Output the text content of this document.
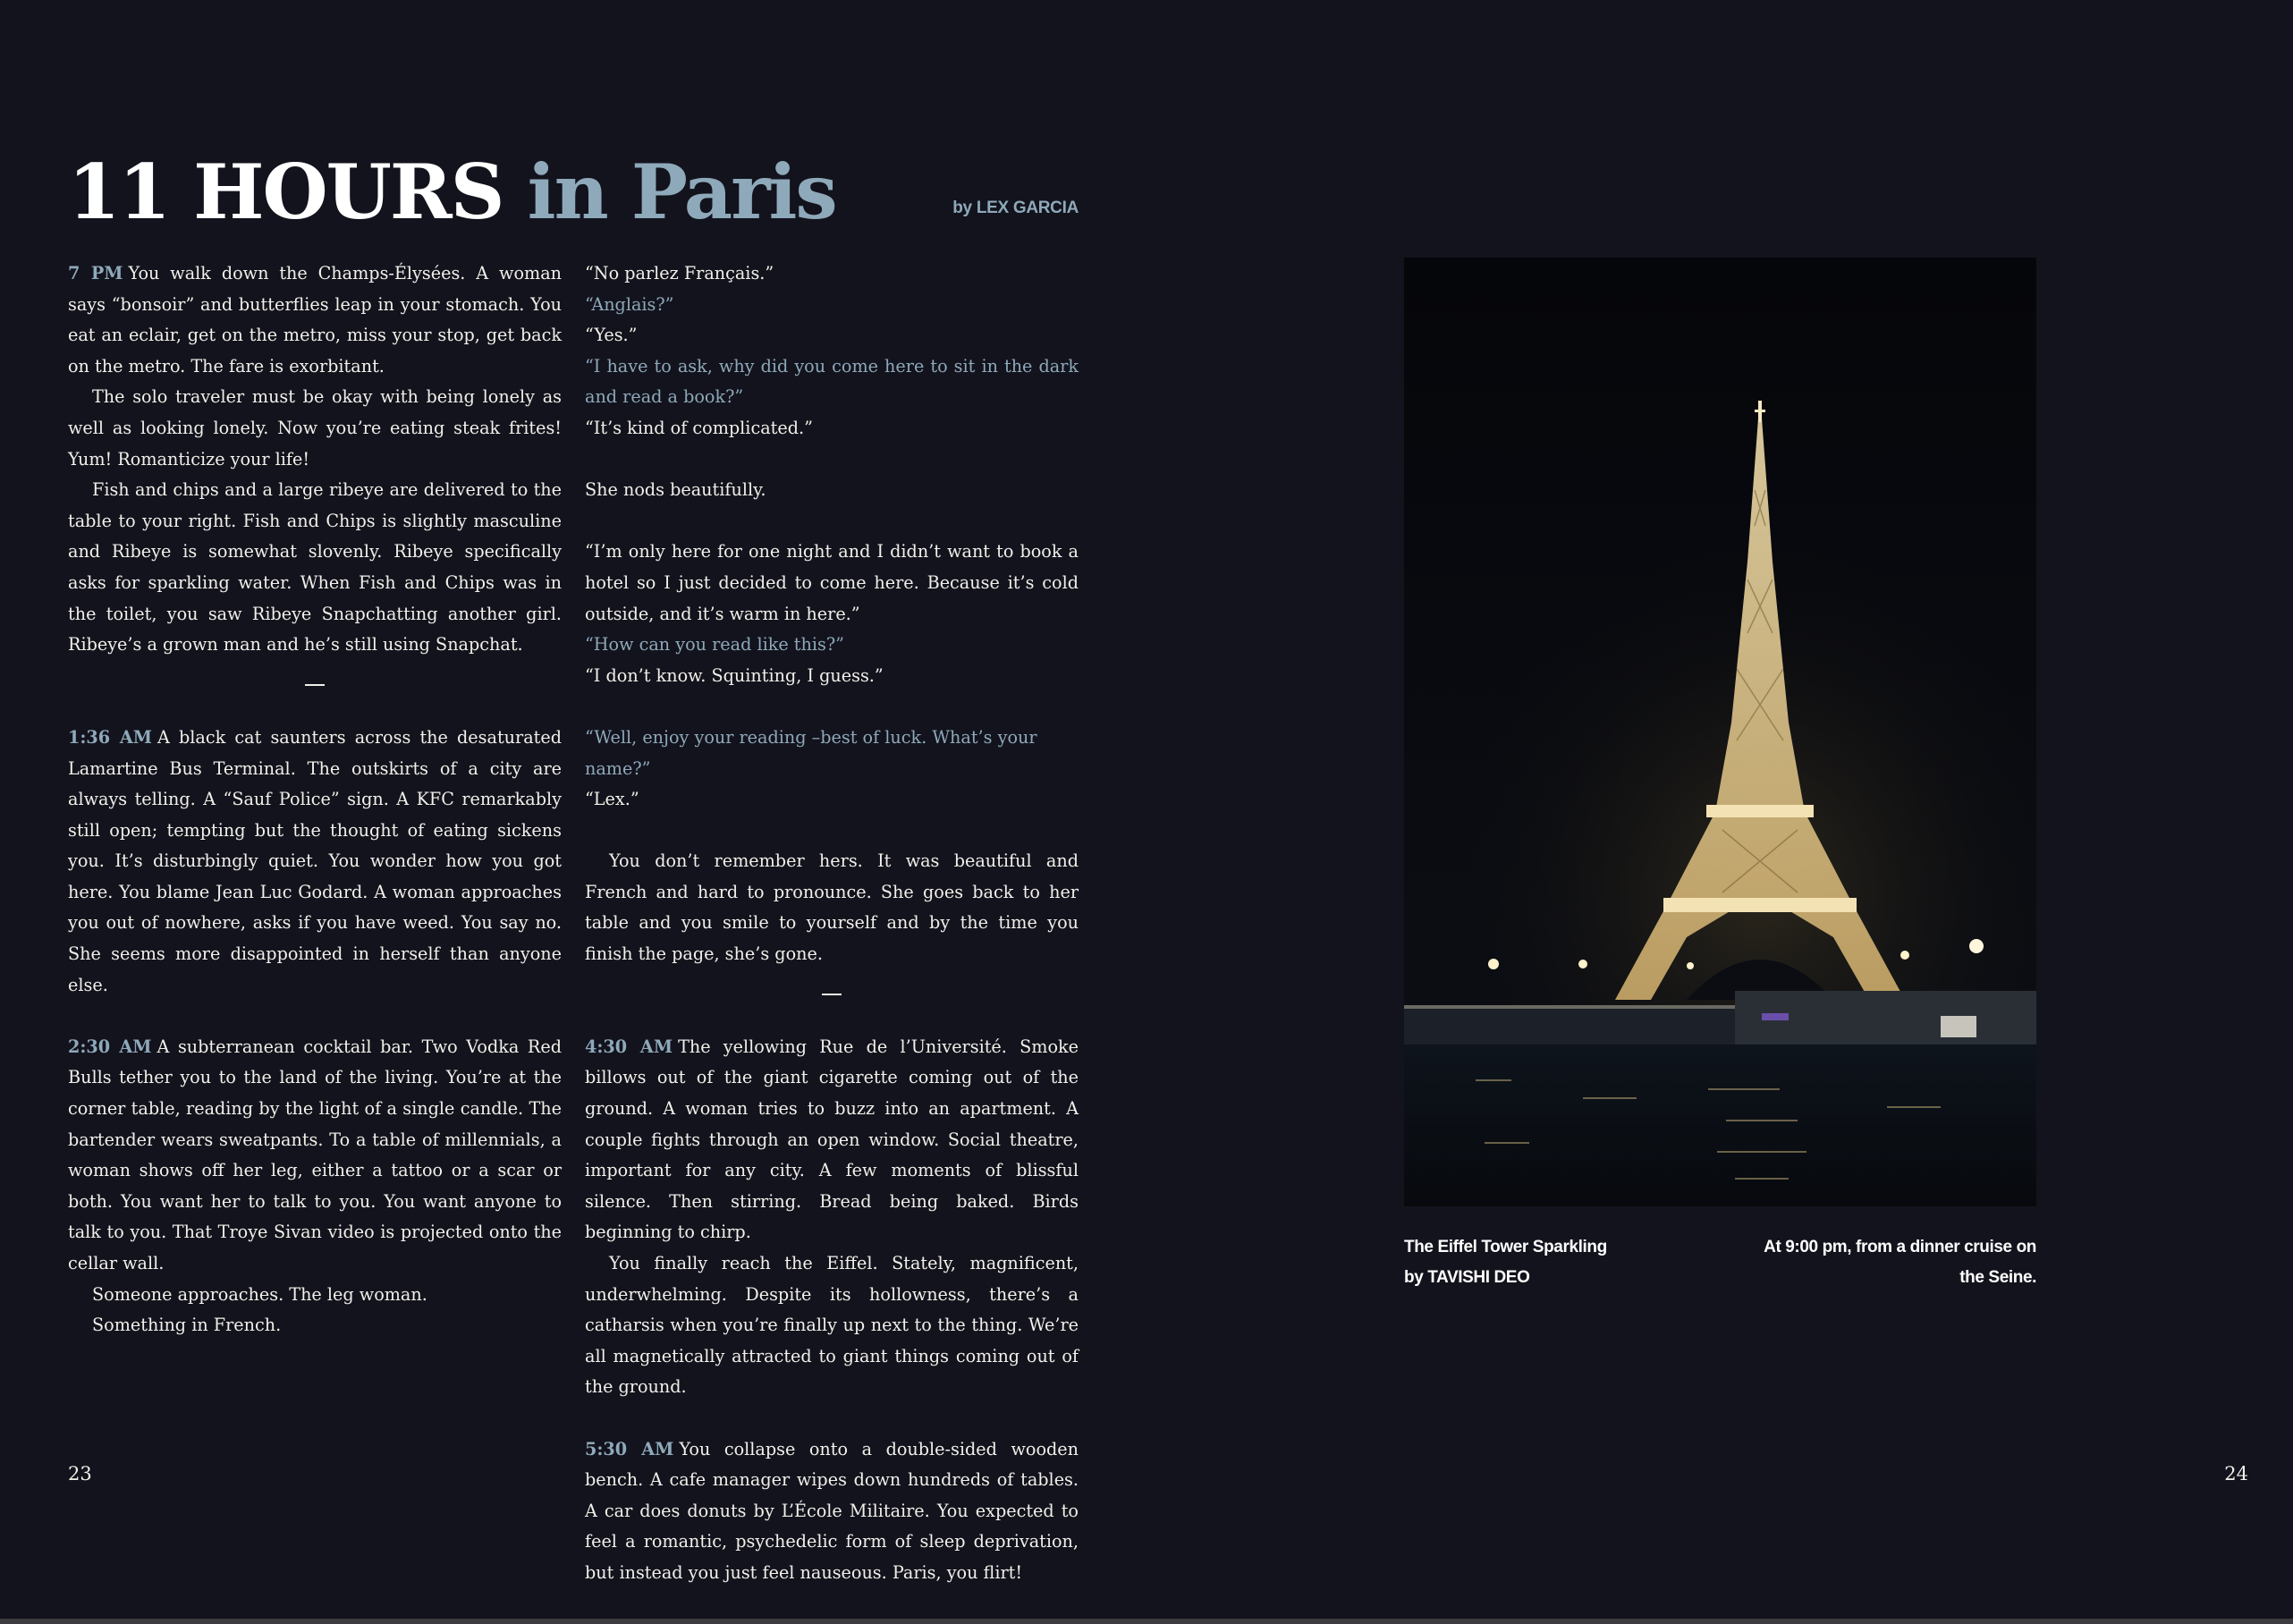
11 HOURS in Paris	by LEX GARCIA

7 PM You walk down the Champs-Élysées. A woman says “bonsoir” and butterflies leap in your stomach. You eat an eclair, get on the metro, miss your stop, get back on the metro. The fare is exorbitant.

The solo traveler must be okay with being lonely as well as looking lonely. Now you’re eating steak frites! Yum! Romanticize your life!

Fish and chips and a large ribeye are delivered to the table to your right. Fish and Chips is slightly masculine and Ribeye is somewhat slovenly. Ribeye specifically asks for sparkling water. When Fish and Chips was in the toilet, you saw Ribeye Snapchatting another girl. Ribeye’s a grown man and he’s still using Snapchat.

1:36 AM A black cat saunters across the desaturated Lamartine Bus Terminal. The outskirts of a city are always telling. A “Sauf Police” sign. A KFC remarkably still open; tempting but the thought of eating sickens you. It’s disturbingly quiet. You wonder how you got here. You blame Jean Luc Godard. A woman approaches you out of nowhere, asks if you have weed. You say no. She seems more disappointed in herself than anyone else.

2:30 AM A subterranean cocktail bar. Two Vodka Red Bulls tether you to the land of the living. You’re at the corner table, reading by the light of a single candle. The bartender wears sweatpants. To a table of millennials, a woman shows off her leg, either a tattoo or a scar or both. You want her to talk to you. You want anyone to talk to you. That Troye Sivan video is projected onto the cellar wall.

Someone approaches. The leg woman.

Something in French.

“No parlez Français.”

“Anglais?”

“Yes.”

“I have to ask, why did you come here to sit in the dark and read a book?”

“It’s kind of complicated.”

She nods beautifully.

“I’m only here for one night and I didn’t want to book a hotel so I just decided to come here. Because it’s cold outside, and it’s warm in here.”

“How can you read like this?”

“I don’t know. Squinting, I guess.”

“Well, enjoy your reading –best of luck. What’s your name?”

“Lex.”

You don’t remember hers. It was beautiful and French and hard to pronounce. She goes back to her table and you smile to yourself and by the time you finish the page, she’s gone.

4:30 AM The yellowing Rue de l’Université. Smoke billows out of the giant cigarette coming out of the ground. A woman tries to buzz into an apartment. A couple fights through an open window. Social theatre, important for any city. A few moments of blissful silence. Then stirring. Bread being baked. Birds beginning to chirp.

You finally reach the Eiffel. Stately, magnificent, underwhelming. Despite its hollowness, there’s a catharsis when you’re finally up next to the thing. We’re all magnetically attracted to giant things coming out of the ground.

5:30 AM You collapse onto a double-sided wooden bench. A cafe manager wipes down hundreds of tables. A car does donuts by L’École Militaire. You expected to feel a romantic, psychedelic form of sleep deprivation, but instead you just feel nauseous. Paris, you flirt!

The Eiffel Tower Sparkling
by TAVISHI DEO
At 9:00 pm, from a dinner cruise on
the Seine.
23	24
